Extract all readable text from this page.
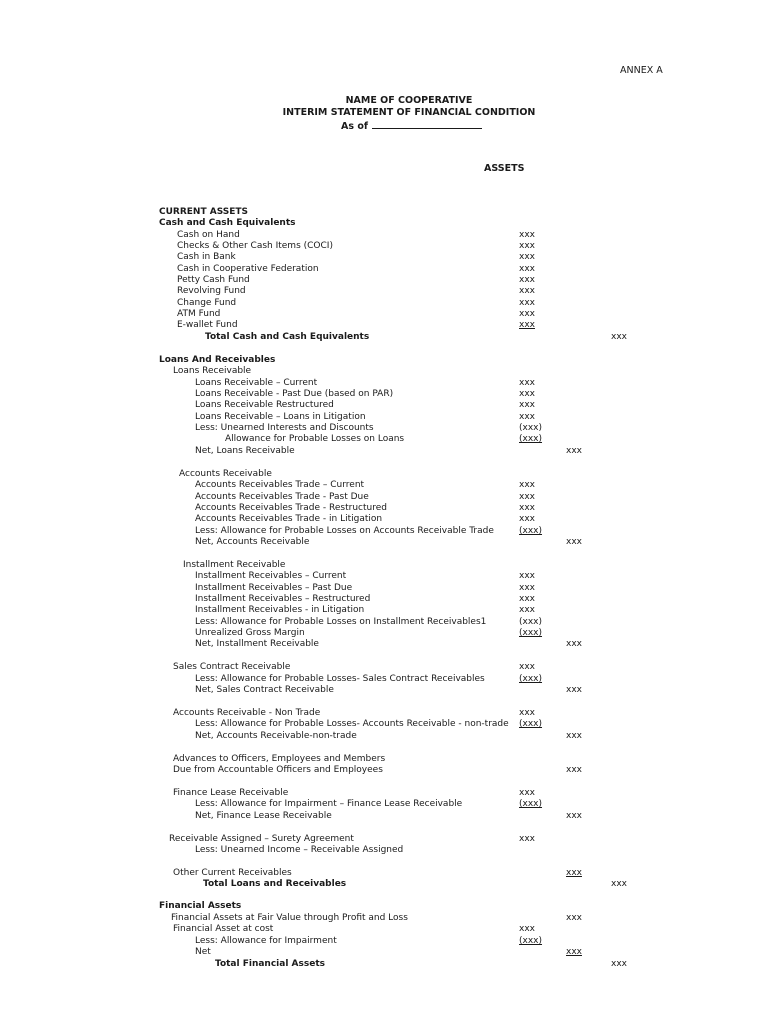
ANNEX A
NAME OF COOPERATIVE
INTERIM STATEMENT OF FINANCIAL CONDITION
As of
ASSETS
CURRENT ASSETS
Cash and Cash Equivalents
Cash on Hand	xxx
Checks & Other Cash Items (COCI)	xxx
Cash in Bank	xxx
Cash in Cooperative Federation	xxx
Petty Cash Fund	xxx
Revolving Fund	xxx
Change Fund	xxx
ATM Fund	xxx
E-wallet Fund	xxx
Total Cash and Cash Equivalents	xxx
Loans And Receivables
Loans Receivable
Loans Receivable – Current	xxx
Loans Receivable - Past Due (based on PAR)	xxx
Loans Receivable Restructured	xxx
Loans Receivable – Loans in Litigation	xxx
Less: Unearned Interests and Discounts	(xxx)
Allowance for Probable Losses on Loans	(xxx)
Net, Loans Receivable	xxx
Accounts Receivable
Accounts Receivables Trade – Current	xxx
Accounts Receivables Trade - Past Due	xxx
Accounts Receivables Trade - Restructured	xxx
Accounts Receivables Trade - in Litigation	xxx
Less: Allowance for Probable Losses on Accounts Receivable Trade	(xxx)
Net, Accounts Receivable	xxx
Installment Receivable
Installment Receivables – Current	xxx
Installment Receivables – Past Due	xxx
Installment Receivables – Restructured	xxx
Installment Receivables - in Litigation	xxx
Less: Allowance for Probable Losses on Installment Receivables1	(xxx)
Unrealized Gross Margin	(xxx)
Net, Installment Receivable	xxx
Sales Contract Receivable	xxx
Less: Allowance for Probable Losses- Sales Contract Receivables	(xxx)
Net, Sales Contract Receivable	xxx
Accounts Receivable - Non Trade	xxx
Less: Allowance for Probable Losses- Accounts Receivable - non-trade (xxx)
Net, Accounts Receivable-non-trade	xxx
Advances to Officers, Employees and Members
Due from Accountable Officers and Employees	xxx
Finance Lease Receivable	xxx
Less: Allowance for Impairment – Finance Lease Receivable	(xxx)
Net, Finance Lease Receivable	xxx
Receivable Assigned – Surety Agreement	xxx
Less: Unearned Income – Receivable Assigned
Other Current Receivables	xxx
Total Loans and Receivables	xxx
Financial Assets
Financial Assets at Fair Value through Profit and Loss	xxx
Financial Asset at cost	xxx
Less: Allowance for Impairment	(xxx)
Net	xxx
Total Financial Assets	xxx
